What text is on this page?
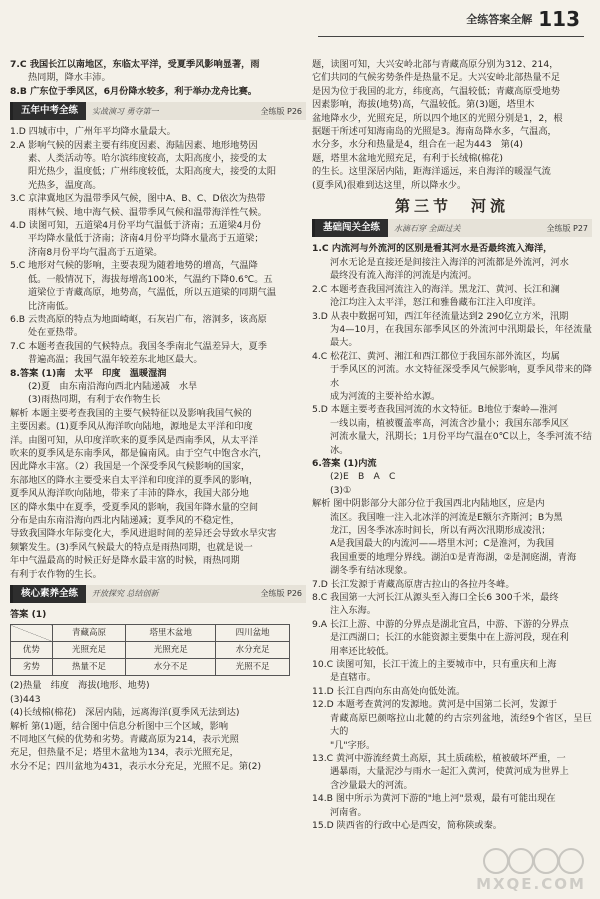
全练答案全解 113

7.C 我国长江以南地区，东临太平洋，受夏季风影响显著，雨

热同期，降水丰沛。

8.B 广东位于季风区，6月份降水较多，利于举办龙舟比赛。

五年中考全练	实战演习 勇夺第一	全练版 P26

1.D 四城市中，广州年平均降水量最大。

2.A 影响气候的因素主要有纬度因素、海陆因素、地形地势因

素、人类活动等。哈尔滨纬度较高，太阳高度小，接受的太

阳光热少，温度低；广州纬度较低，太阳高度大，接受的太阳

光热多，温度高。

3.C 京津冀地区为温带季风气候，图中A、B、C、D依次为热带

雨林气候、地中海气候、温带季风气候和温带海洋性气候。

4.D 读图可知，五道梁4月份平均气温低于济南；五道梁4月份

平均降水量低于济南；济南4月份平均降水量高于五道梁；

济南8月份平均气温高于五道梁。

5.C 地形对气候的影响，主要表现为随着地势的增高，气温降

低。一般情况下，海拔每增高100米，气温约下降0.6℃。五

道梁位于青藏高原，地势高，气温低，所以五道梁的同期气温

比济南低。

6.B 云贵高原的特点为地面崎岖，石灰岩广布，溶洞多，该高原

处在亚热带。

7.C 本题考查我国的气候特点。我国冬季南北气温差异大，夏季

普遍高温；我国气温年较差东北地区最大。

8.答案 (1)南　太平　印度　温暖湿润

(2)夏　由东南沿海向西北内陆递减　水旱

(3)雨热同期，有利于农作物生长

解析 本题主要考查我国的主要气候特征以及影响我国气候的

主要因素。(1)夏季风从海洋吹向陆地，源地是太平洋和印度

洋。由图可知，从印度洋吹来的夏季风是西南季风，从太平洋

吹来的夏季风是东南季风，都是偏南风。由于空气中饱含水汽，

因此降水丰富。（2）我国是一个深受季风气候影响的国家，

东部地区的降水主要受来自太平洋和印度洋的夏季风的影响，

夏季风从海洋吹向陆地，带来了丰沛的降水，我国大部分地

区的降水集中在夏季，受夏季风的影响，我国年降水量的空间

分布是由东南沿海向西北内陆递减；夏季风的不稳定性，

导致我国降水年际变化大，季风进退时间的差异还会导致水旱灾害

频繁发生。(3)季风气候最大的特点是雨热同期，也就是说一

年中气温最高的时候正好是降水最丰富的时候，雨热同期

有利于农作物的生长。

核心素养全练	开放探究 总结创新	全练版 P26

答案 (1)

	青藏高原	塔里木盆地	四川盆地
优势	光照充足	光照充足	水分充足
劣势	热量不足	水分不足	光照不足

(2)热量　纬度　海拔(地形、地势)

(3)443

(4)长绒棉(棉花)　深居内陆，远离海洋(夏季风无法到达)

解析 第(1)题，结合图中信息分析图中三个区域，影响

不同地区气候的优势和劣势。青藏高原为214，表示光照

充足，但热量不足；塔里木盆地为134，表示光照充足，

水分不足；四川盆地为431，表示水分充足，光照不足。第(2)

题，读图可知，大兴安岭北部与青藏高原分别为312、214，

它们共同的气候劣势条件是热量不足。大兴安岭北部热量不足

是因为位于我国的北方，纬度高，气温较低；青藏高原受地势

因素影响，海拔(地势)高，气温较低。第(3)题，塔里木

盆地降水少，光照充足，所以四个地区的光照分别是1，2，根

据题干所述可知海南岛的光照是3。海南岛降水多，气温高，

水分多，水分和热量是4，组合在一起为443　第(4)

题，塔里木盆地光照充足，有利于长绒棉(棉花)

的生长。这里深居内陆，距海洋遥远，来自海洋的暖湿气流

(夏季风)很难到达这里，所以降水少。

第三节　河流
基础闯关全练	水滴石穿 全面过关	全练版 P27

1.C 内流河与外流河的区别是看其河水是否最终流入海洋，

河水无论是直接还是间接注入海洋的河流都是外流河，河水

最终没有流入海洋的河流是内流河。

2.C 本题考查我国河流注入的海洋。黑龙江、黄河、长江和澜

沧江均注入太平洋，怒江和雅鲁藏布江注入印度洋。

3.D 从表中数据可知，西江年径流量达到2 290亿立方米，汛期

为4—10月，在我国东部季风区的外流河中汛期最长，年径流量最大。

4.C 松花江、黄河、湘江和西江都位于我国东部外流区，均属

于季风区的河流。水文特征深受季风气候影响，夏季风带来的降水

成为河流的主要补给水源。

5.D 本题主要考查我国河流的水文特征。B地位于秦岭—淮河

一线以南，植被覆盖率高，河流含沙量小；我国东部季风区

河流水量大，汛期长；1月份平均气温在0℃以上，冬季河流不结冰。

6.答案 (1)内流

(2)E　B　A　C

(3)①

解析 图中阴影部分大部分位于我国西北内陆地区，应是内

流区。我国唯一注入北冰洋的河流是E额尔齐斯河；B为黑

龙江，因冬季冰冻时间长，所以有两次汛期形成凌汛；

A是我国最大的内流河——塔里木河；C是淮河，为我国

我国重要的地理分界线。湖泊①是青海湖，②是洞庭湖，青海

湖冬季有结冰现象。

7.D 长江发源于青藏高原唐古拉山的各拉丹冬峰。

8.C 我国第一大河长江从源头至入海口全长6 300千米，最终

注入东海。

9.A 长江上游、中游的分界点是湖北宜昌，中游、下游的分界点

是江西湖口；长江的水能资源主要集中在上游河段，现在利

用率还比较低。

10.C 读图可知，长江干流上的主要城市中，只有重庆和上海

是直辖市。

11.D 长江自西向东由高处向低处流。

12.D 本题考查黄河的发源地。黄河是中国第二长河，发源于

青藏高原巴颜喀拉山北麓的约古宗列盆地，流经9个省区，呈巨大的

"几"字形。

13.C 黄河中游流经黄土高原，其土质疏松，植被破坏严重，一

遇暴雨，大量泥沙与雨水一起汇入黄河，使黄河成为世界上

含沙量最大的河流。

14.B 图中所示为黄河下游的"地上河"景观，最有可能出现在

河南省。

15.D 陕西省的行政中心是西安，简称陕或秦。

MXQE.COM
